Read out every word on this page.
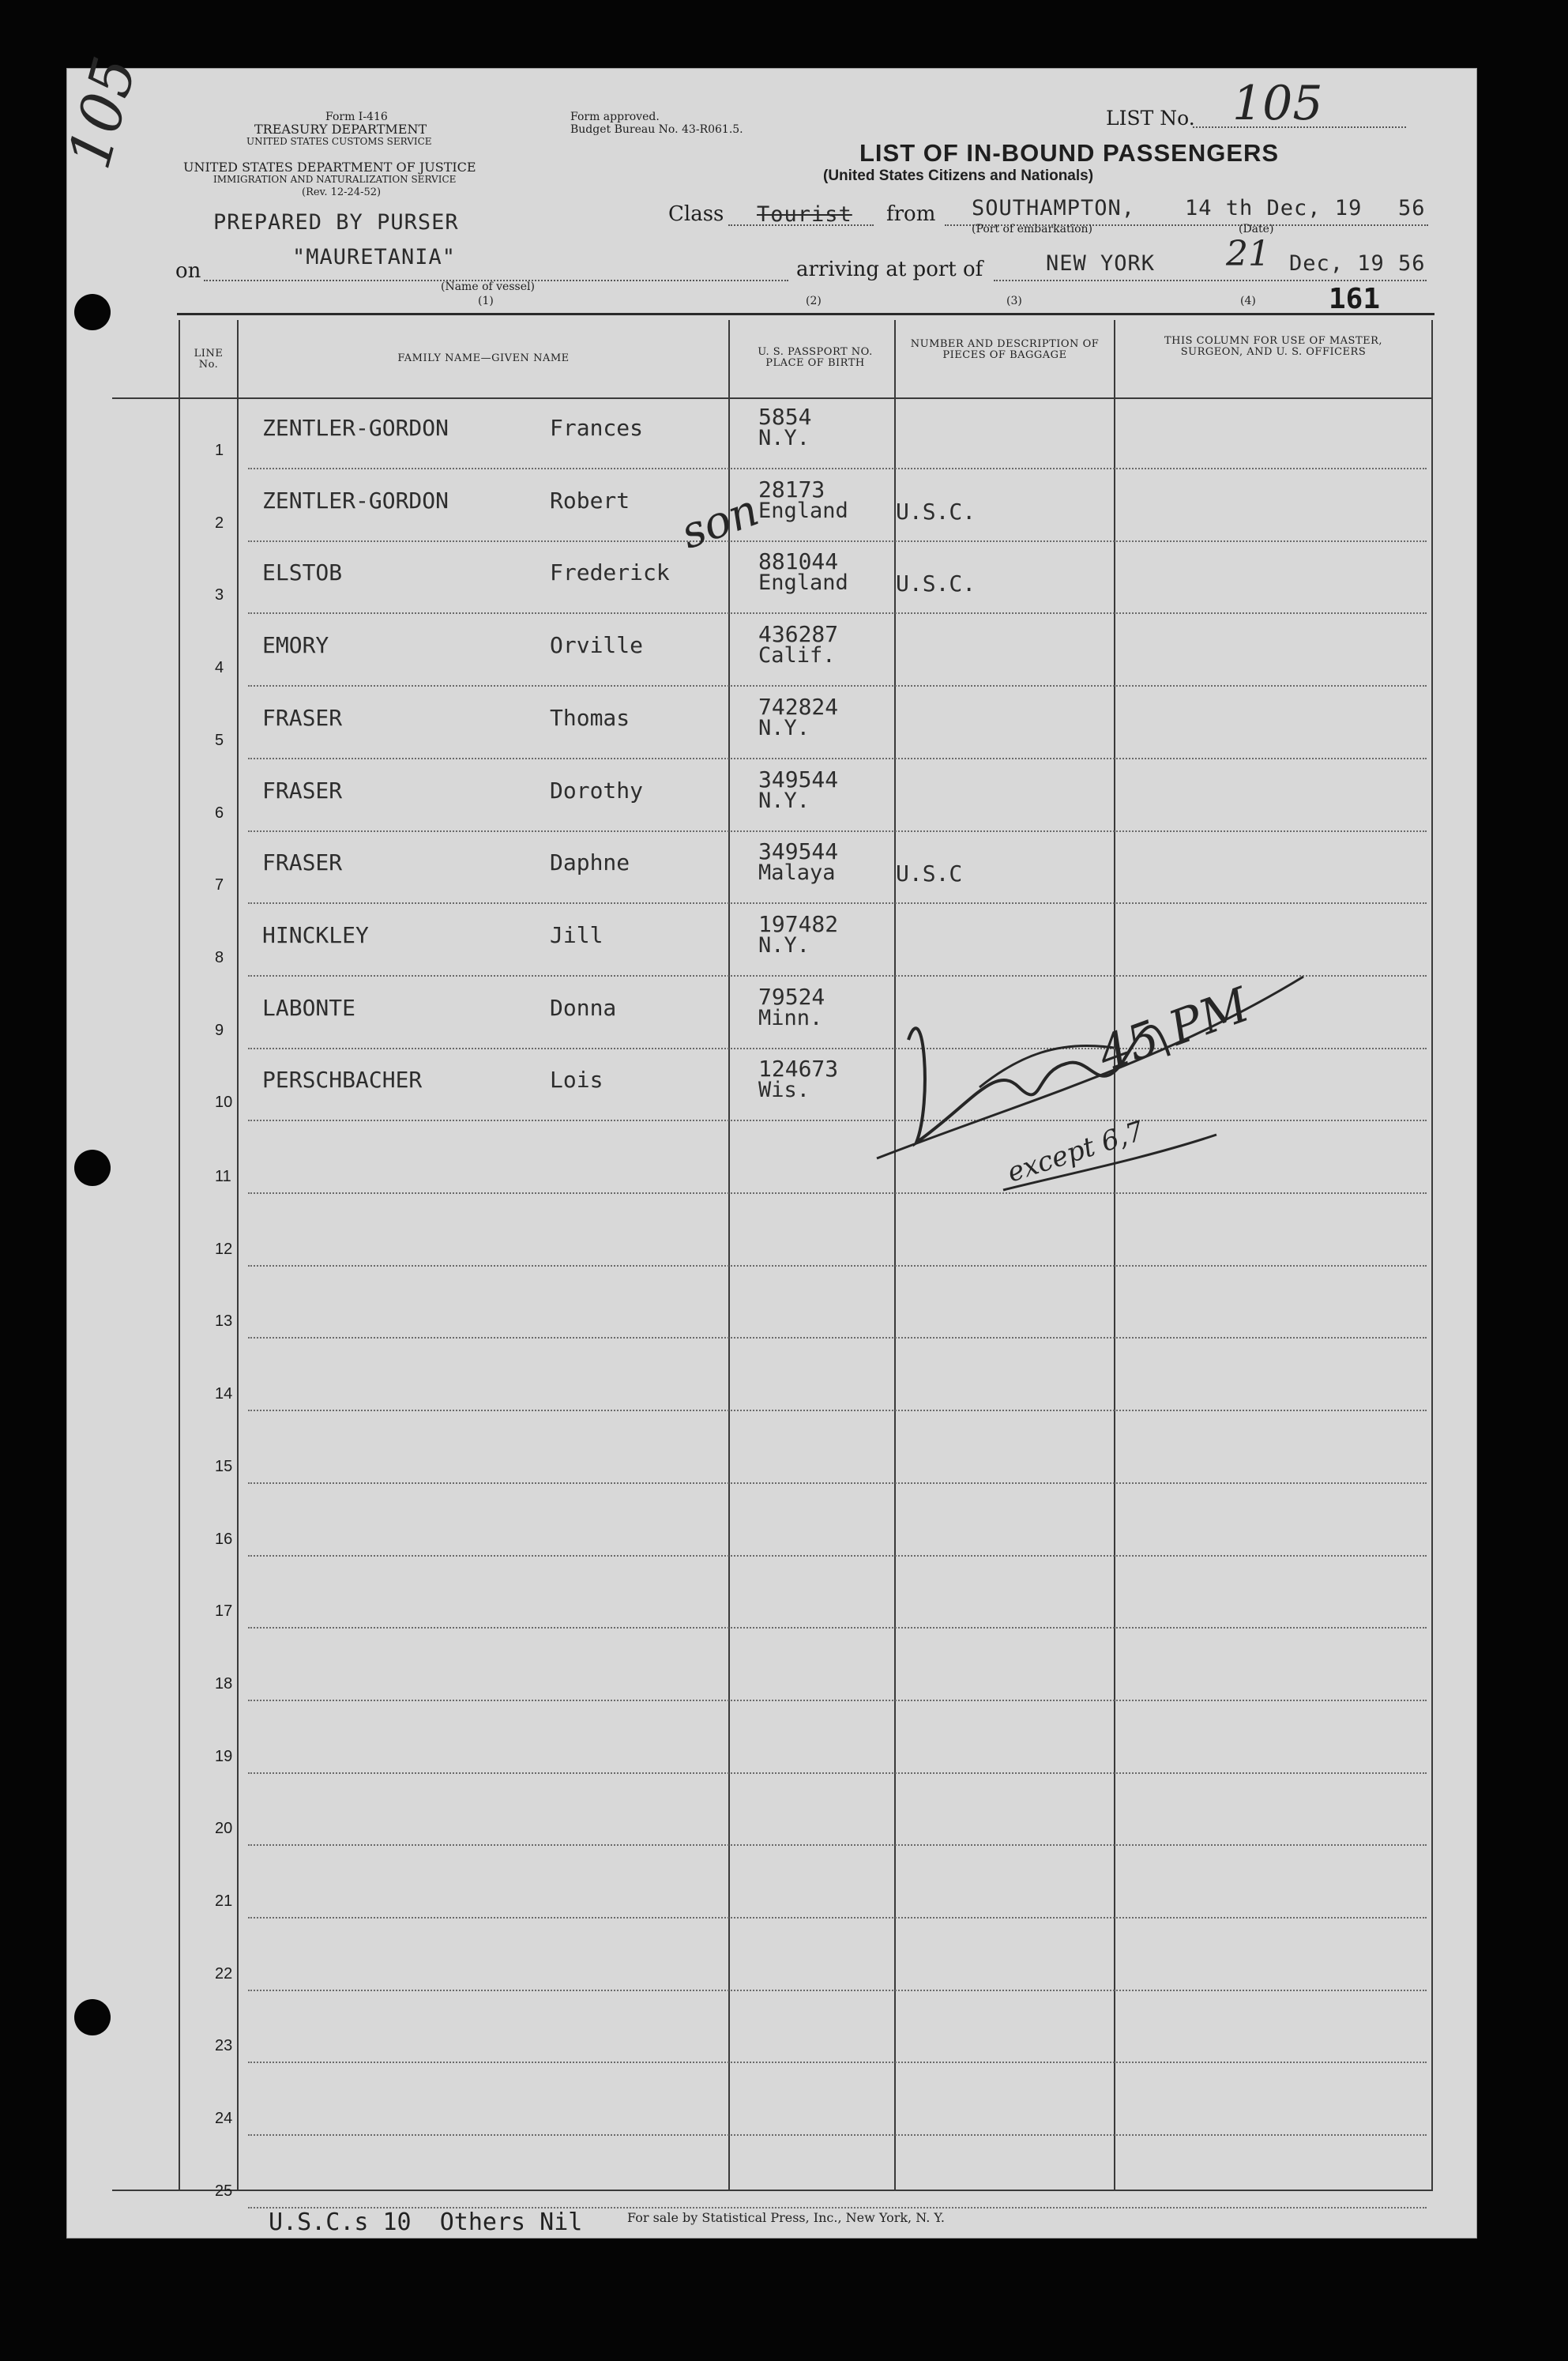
105	Form I-416
TREASURY DEPARTMENT
UNITED STATES CUSTOMS SERVICE
UNITED STATES DEPARTMENT OF JUSTICE
IMMIGRATION AND NATURALIZATION SERVICE
(Rev. 12-24-52)
Form approved.
Budget Bureau No. 43-R061.5.	LIST No. 105
LIST OF IN-BOUND PASSENGERS
(United States Citizens and Nationals)
PREPARED BY PURSER	Class Tourist from SOUTHAMPTON, 14 th Dec, 19 56
(Port of embarkation)	(Date)
on
"MAURETANIA"
(Name of vessel)
arriving at port of	NEW YORK 21 Dec, 19 56
(1)	(2)	(3)	(4)	161
LINE No.
FAMILY NAME—GIVEN NAME
U. S. PASSPORT NO. PLACE OF BIRTH
NUMBER AND DESCRIPTION OF PIECES OF BAGGAGE
THIS COLUMN FOR USE OF MASTER, SURGEON, AND U. S. OFFICERS
1
ZENTLER-GORDON	Frances	5854
N.Y.
2
ZENTLER-GORDON	Robert	28173
England U.S.C.
3
ELSTOB	Frederick	881044
England U.S.C.
4
EMORY	Orville	436287
Calif.
5
FRASER	Thomas	742824
N.Y.
6
FRASER	Dorothy	349544
N.Y.
7
FRASER	Daphne	349544
Malaya	U.S.C
8
HINCKLEY	Jill	197482
N.Y.
9
LABONTE	Donna	79524
Minn.
10
PERSCHBACHER	Lois	124673
Wis.
11
12
13
14
15
16
17
18
19
20
21
22
23
24
25
son
45 PM
except 6,7
U.S.C.s 10  Others Nil	For sale by Statistical Press, Inc., New York, N. Y.
